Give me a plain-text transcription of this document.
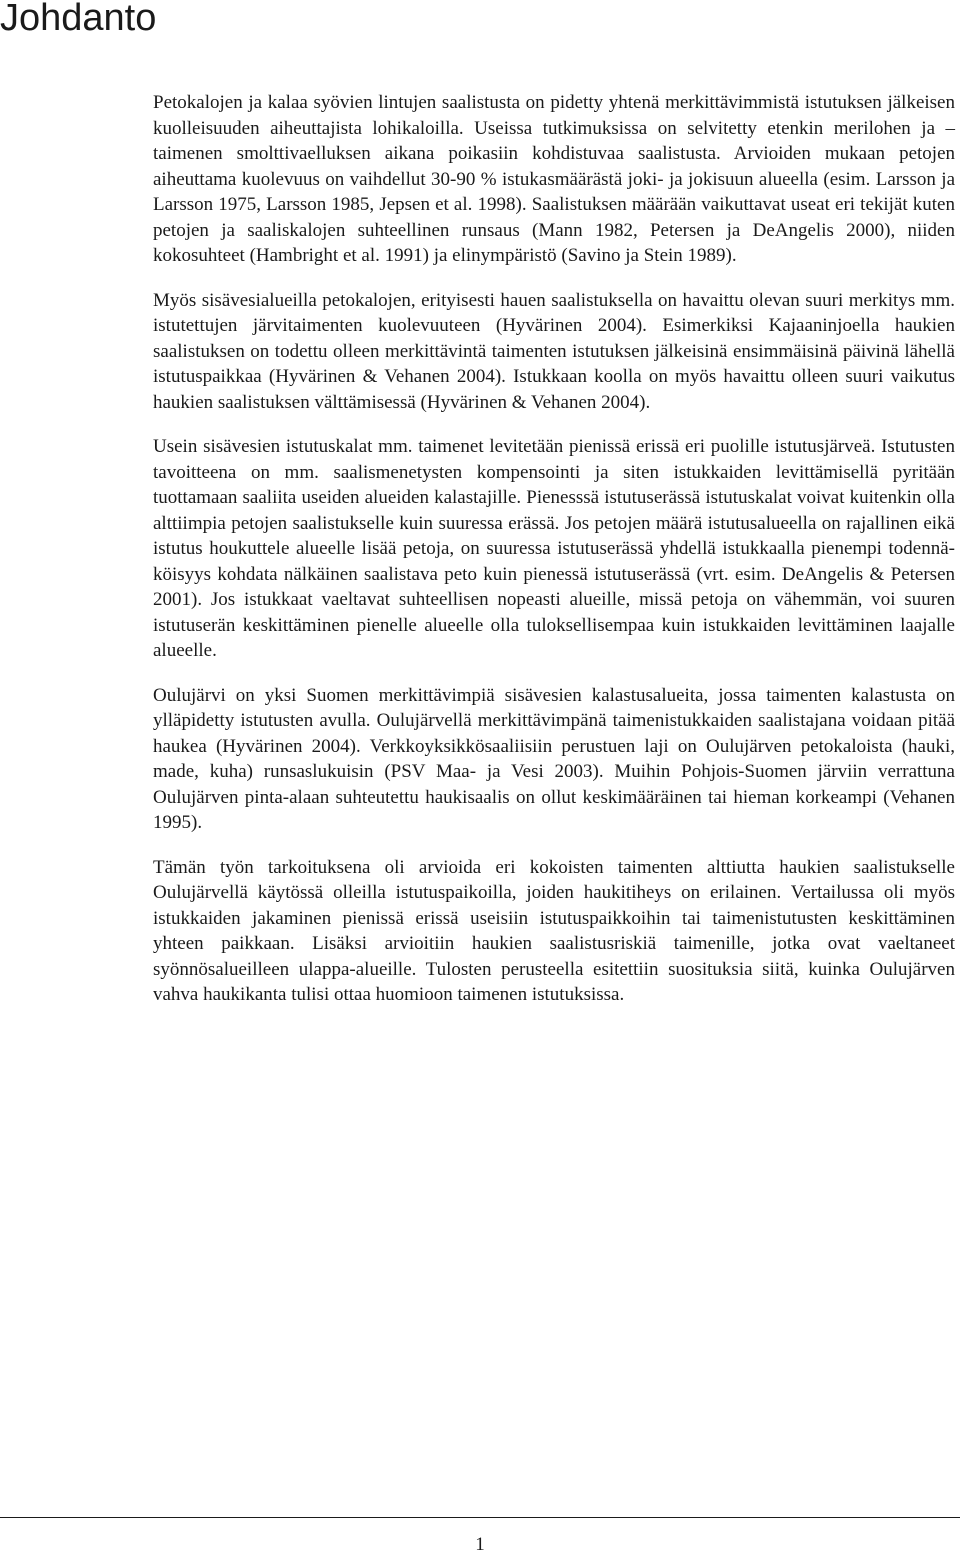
Johdanto

Petokalojen ja kalaa syövien lintujen saalistusta on pidetty yhtenä merkittävimmistä istutuksen jälkeisen kuolleisuuden aiheuttajista lohikaloilla. Useissa tutkimuksissa on selvitetty etenkin merilohen ja –taimenen smolttivaelluksen aikana poikasiin kohdistuvaa saalistusta. Arvioiden mukaan petojen aiheuttama kuolevuus on vaihdellut 30-90 % istukasmäärästä joki- ja jokisuun alueella (esim. Larsson ja Larsson 1975, Larsson 1985, Jepsen et al. 1998). Saalistuksen määrään vaikuttavat useat eri tekijät kuten petojen ja saaliskalojen suhteellinen runsaus (Mann 1982, Petersen ja DeAngelis 2000), niiden kokosuhteet (Hambright et al. 1991) ja elinympäristö (Savino ja Stein 1989).

Myös sisävesialueilla petokalojen, erityisesti hauen saalistuksella on havaittu olevan suuri merkitys mm. istutettujen järvitaimenten kuolevuuteen (Hyvärinen 2004). Esimerkiksi Kajaaninjoella haukien saalistuksen on todettu olleen merkittävintä taimenten istutuksen jälkeisinä ensimmäisinä päivinä lähellä istutuspaikkaa (Hyvärinen & Vehanen 2004). Istukkaan koolla on myös havaittu olleen suuri vaikutus haukien saalistuksen välttämisessä (Hyvärinen & Vehanen 2004).

Usein sisävesien istutuskalat mm. taimenet levitetään pienissä erissä eri puolille istutusjärveä. Istutusten tavoitteena on mm. saalismenetysten kompensointi ja siten istukkaiden levittämisellä pyritään tuottamaan saaliita useiden alueiden kalastajille. Pienesssä istutuserässä istutuskalat voivat kuitenkin olla alttiimpia petojen saalistukselle kuin suuressa erässä. Jos petojen määrä istutusalueella on rajallinen eikä istutus houkuttele alueelle lisää petoja, on suuressa istutuserässä yhdellä istukkaalla pienempi todennäköisyys kohdata nälkäinen saalistava peto kuin pienessä istutuserässä (vrt. esim. DeAngelis & Petersen 2001). Jos istukkaat vaeltavat suhteellisen nopeasti alueille, missä petoja on vähemmän, voi suuren istutuserän keskittäminen pienelle alueelle olla tuloksellisempaa kuin istukkaiden levittäminen laajalle alueelle.

Oulujärvi on yksi Suomen merkittävimpiä sisävesien kalastusalueita, jossa taimenten kalastusta on ylläpidetty istutusten avulla. Oulujärvellä merkittävimpänä taimenistukkaiden saalistajana voidaan pitää haukea (Hyvärinen 2004). Verkkoyksikkösaaliisiin perustuen laji on Oulujärven petokaloista (hauki, made, kuha) runsaslukuisin (PSV Maa- ja Vesi 2003). Muihin Pohjois-Suomen järviin verrattuna Oulujärven pinta-alaan suhteutettu haukisaalis on ollut keskimääräinen tai hieman korkeampi (Vehanen 1995).

Tämän työn tarkoituksena oli arvioida eri kokoisten taimenten alttiutta haukien saalistukselle Oulujärvellä käytössä olleilla istutuspaikoilla, joiden haukitiheys on erilainen. Vertailussa oli myös istukkaiden jakaminen pienissä erissä useisiin istutuspaikkoihin tai taimenistutusten keskittäminen yhteen paikkaan. Lisäksi arvioitiin haukien saalistusriskiä taimenille, jotka ovat vaeltaneet syönnösalueilleen ulappa-alueille. Tulosten perusteella esitettiin suosituksia siitä, kuinka Oulujärven vahva haukikanta tulisi ottaa huomioon taimenen istutuksissa.

1
